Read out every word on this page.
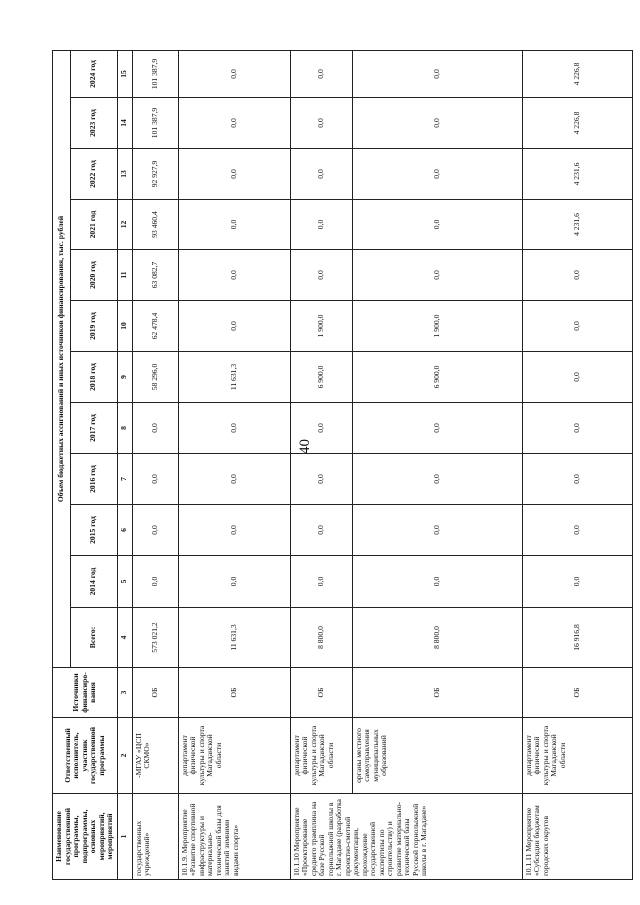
40
Наименование государственной программы, подпрограммы, основных мероприятий, мероприятий	Ответственный исполнитель, участник государственной программы	Источники финансиро-вания	Объем бюджетных ассигнований и иных источников финансирования, тыс. рублей											
			Всего:	2014 год	2015 год	2016 год	2017 год	2018 год	2019 год	2020 год	2021 год	2022 год	2023 год	2024 год
1	2	3	4	5	6	7	8	9	10	11	12	13	14	15
государственных учреждений»	-МГАУ «ЦСП СКМО»	ОБ	573 021,2	0,0	0,0	0,0	0,0	58 296,0	62 478,4	63 082,7	93 460,4	92 927,9	101 387,9	101 387,9
10.1.9. Мероприятие «Развитие спортивной инфраструктуры и материально-технической базы для занятий зимними видами спорта»	департамент физической культуры и спорта Магаданской области	ОБ	11 631,3	0,0	0,0	0,0	0,0	11 631,3	0,0	0,0	0,0	0,0	0,0	0,0
10.1.10 Мероприятие «Проектирование среднего трамплина на базе Русской горнолыжной школы в г. Магадане (разработка проектно-сметной документации, прохождение государственной экспертизы по строительству) и развитие материально-технической базы Русской горнолыжной школы в г. Магадане»	департамент физической культуры и спорта Магаданской области	ОБ	8 800,0	0,0	0,0	0,0	0,0	6 900,0	1 900,0	0,0	0,0	0,0	0,0	0,0
	органы местного самоуправления муниципальных образований	ОБ	8 800,0	0,0	0,0	0,0	0,0	6 900,0	1 900,0	0,0	0,0	0,0	0,0	0,0
10.1.11 Мероприятие «Субсидии бюджетам городских округов	департамент физической культуры и спорта Магаданской области	ОБ	16 916,8	0,0	0,0	0,0	0,0	0,0	0,0	0,0	4 231,6	4 231,6	4 226,8	4 226,8
